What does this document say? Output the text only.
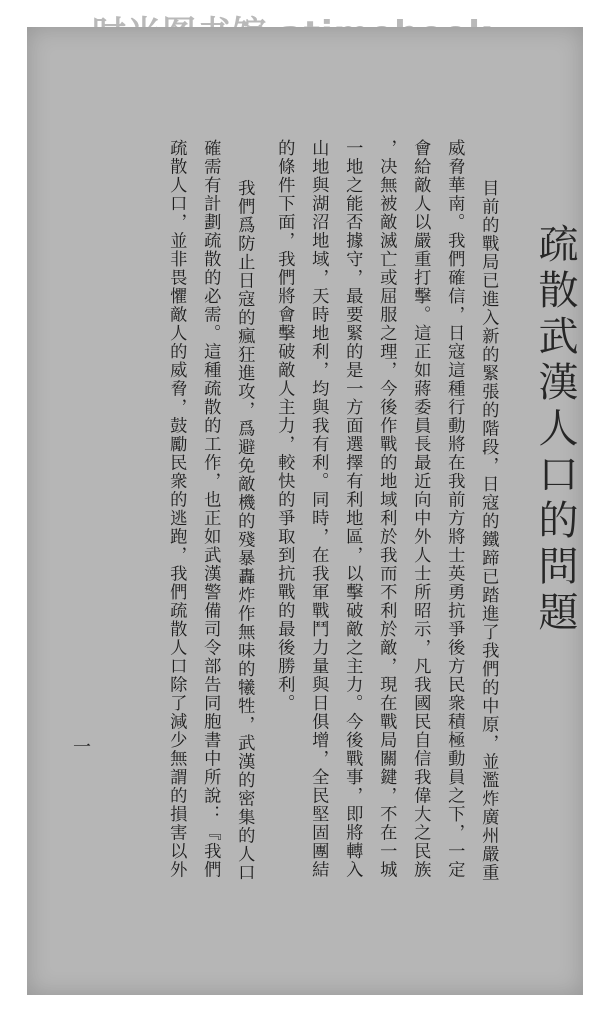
疏散武漢人口的問題
目前的戰局已進入新的緊張的階段，日寇的鐵蹄已踏進了我們的中原，並濫炸廣州嚴重
威脅華南。我們確信，日寇這種行動將在我前方將士英勇抗爭後方民衆積極動員之下，一定
會給敵人以嚴重打擊。這正如蔣委員長最近向中外人士所昭示，凡我國民自信我偉大之民族
，决無被敵滅亡或屈服之理，今後作戰的地域利於我而不利於敵，現在戰局關鍵，不在一城
一地之能否據守，最要緊的是一方面選擇有利地區，以擊破敵之主力。今後戰事，即將轉入
山地與湖沼地域，天時地利，均與我有利。同時，在我軍戰鬥力量與日俱增，全民堅固團結
的條件下面，我們將會擊破敵人主力，較快的爭取到抗戰的最後勝利。
我們爲防止日寇的瘋狂進攻，爲避免敵機的殘暴轟炸作無味的犧牲，武漢的密集的人口
確需有計劃疏散的必需。這種疏散的工作，也正如武漢警備司令部告同胞書中所說：『我們
疏散人口，並非畏懼敵人的威脅，鼓勵民衆的逃跑，我們疏散人口除了減少無謂的損害以外
一
